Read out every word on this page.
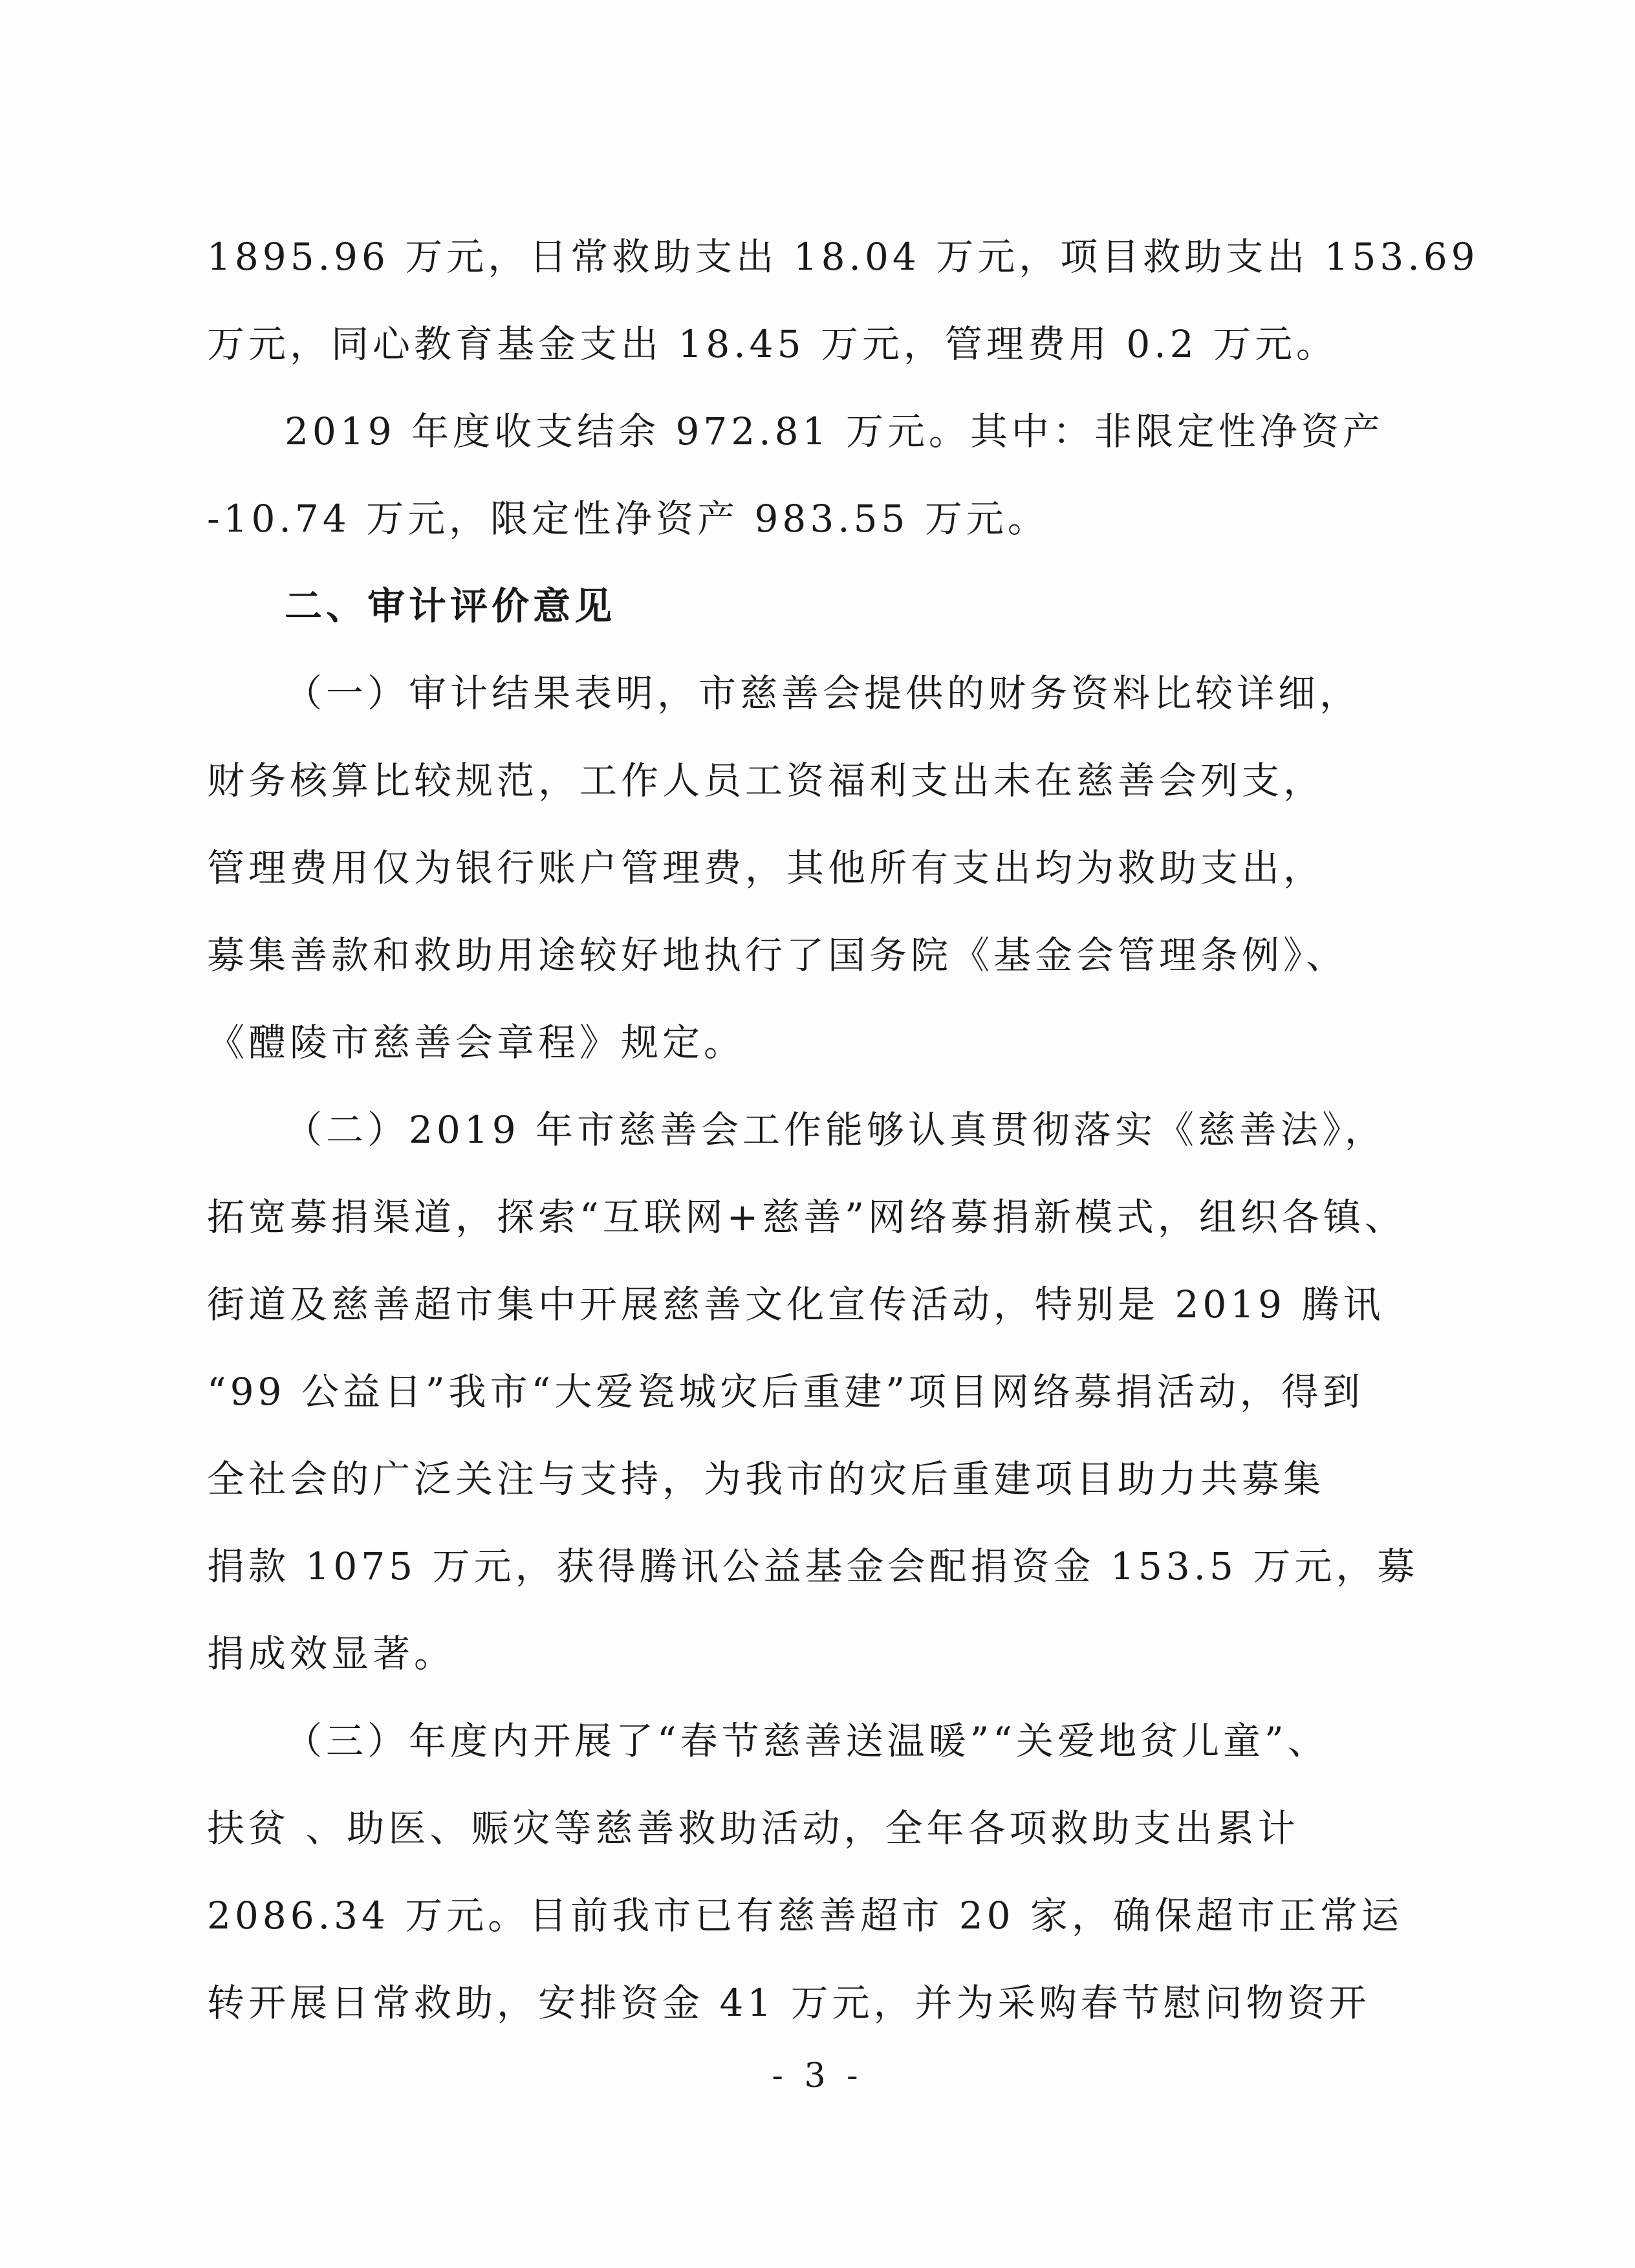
1895.96 万元，日常救助支出 18.04 万元，项目救助支出 153.69
万元，同心教育基金支出 18.45 万元，管理费用 0.2 万元。
2019 年度收支结余 972.81 万元。其中：非限定性净资产
-10.74 万元，限定性净资产 983.55 万元。
二、审计评价意见
（一）审计结果表明，市慈善会提供的财务资料比较详细，
财务核算比较规范，工作人员工资福利支出未在慈善会列支，
管理费用仅为银行账户管理费，其他所有支出均为救助支出，
募集善款和救助用途较好地执行了国务院《基金会管理条例》、
《醴陵市慈善会章程》规定。
（二）2019 年市慈善会工作能够认真贯彻落实《慈善法》，
拓宽募捐渠道，探索“互联网+慈善”网络募捐新模式，组织各镇、
街道及慈善超市集中开展慈善文化宣传活动，特别是 2019 腾讯
“99 公益日”我市“大爱瓷城灾后重建”项目网络募捐活动，得到
全社会的广泛关注与支持，为我市的灾后重建项目助力共募集
捐款 1075 万元，获得腾讯公益基金会配捐资金 153.5 万元，募
捐成效显著。
（三）年度内开展了“春节慈善送温暖”“关爱地贫儿童”、
扶贫 、助医、赈灾等慈善救助活动，全年各项救助支出累计
2086.34 万元。目前我市已有慈善超市 20 家，确保超市正常运
转开展日常救助，安排资金 41 万元，并为采购春节慰问物资开
- 3 -
